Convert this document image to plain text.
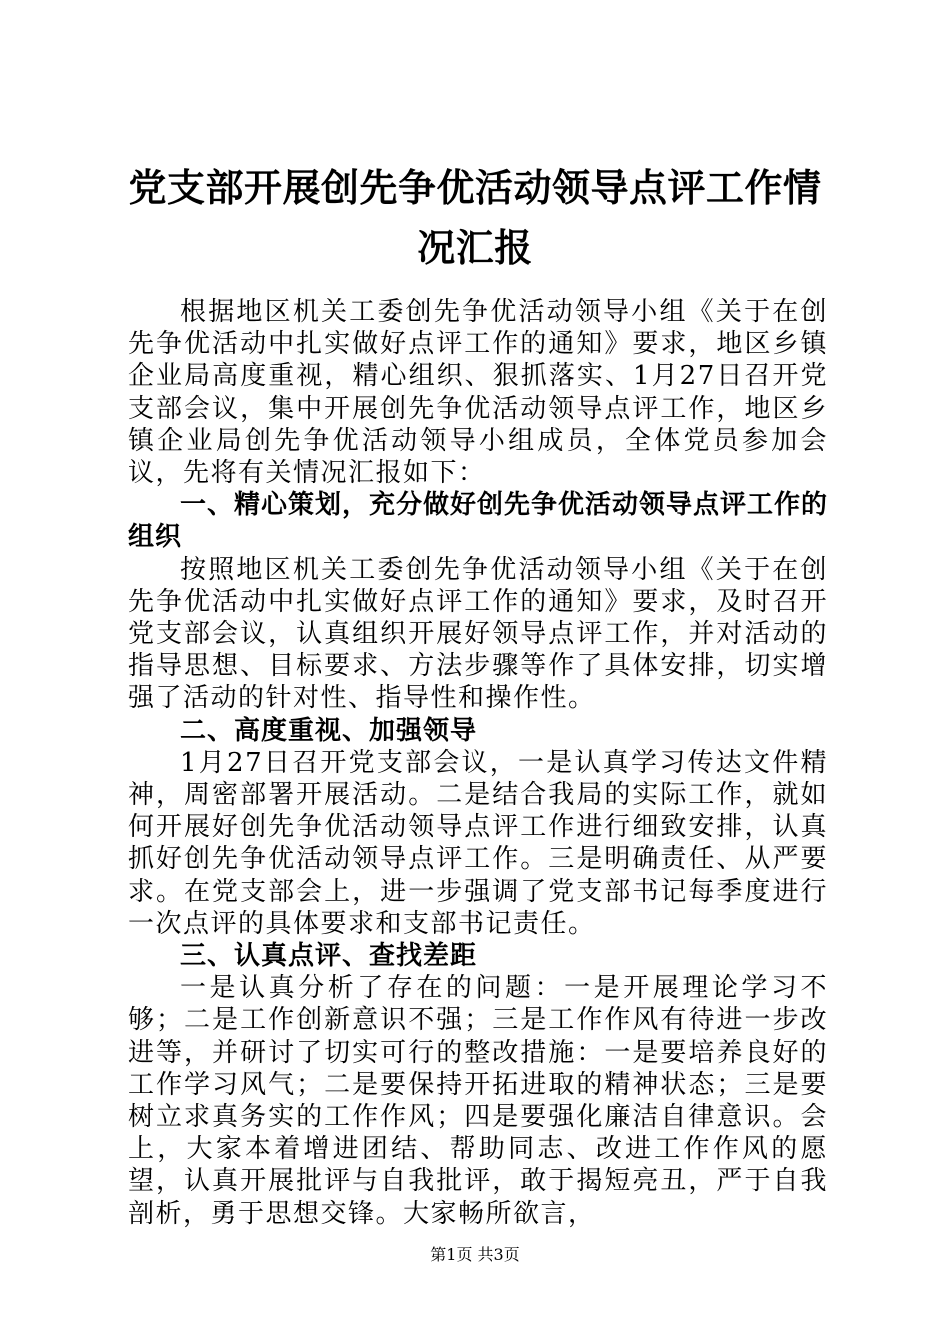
党支部开展创先争优活动领导点评工作情况汇报

根据地区机关工委创先争优活动领导小组《关于在创先争优活动中扎实做好点评工作的通知》要求，地区乡镇企业局高度重视，精心组织、狠抓落实、1月27日召开党支部会议，集中开展创先争优活动领导点评工作，地区乡镇企业局创先争优活动领导小组成员，全体党员参加会议，先将有关情况汇报如下：

一、精心策划，充分做好创先争优活动领导点评工作的组织

按照地区机关工委创先争优活动领导小组《关于在创先争优活动中扎实做好点评工作的通知》要求，及时召开党支部会议，认真组织开展好领导点评工作，并对活动的指导思想、目标要求、方法步骤等作了具体安排，切实增强了活动的针对性、指导性和操作性。

二、高度重视、加强领导

1月27日召开党支部会议，一是认真学习传达文件精神，周密部署开展活动。二是结合我局的实际工作，就如何开展好创先争优活动领导点评工作进行细致安排，认真抓好创先争优活动领导点评工作。三是明确责任、从严要求。在党支部会上，进一步强调了党支部书记每季度进行一次点评的具体要求和支部书记责任。

三、认真点评、查找差距

一是认真分析了存在的问题：一是开展理论学习不够；二是工作创新意识不强；三是工作作风有待进一步改进等，并研讨了切实可行的整改措施：一是要培养良好的工作学习风气；二是要保持开拓进取的精神状态；三是要树立求真务实的工作作风；四是要强化廉洁自律意识。会上，大家本着增进团结、帮助同志、改进工作作风的愿望，认真开展批评与自我批评，敢于揭短亮丑，严于自我剖析，勇于思想交锋。大家畅所欲言，

第1页 共3页
